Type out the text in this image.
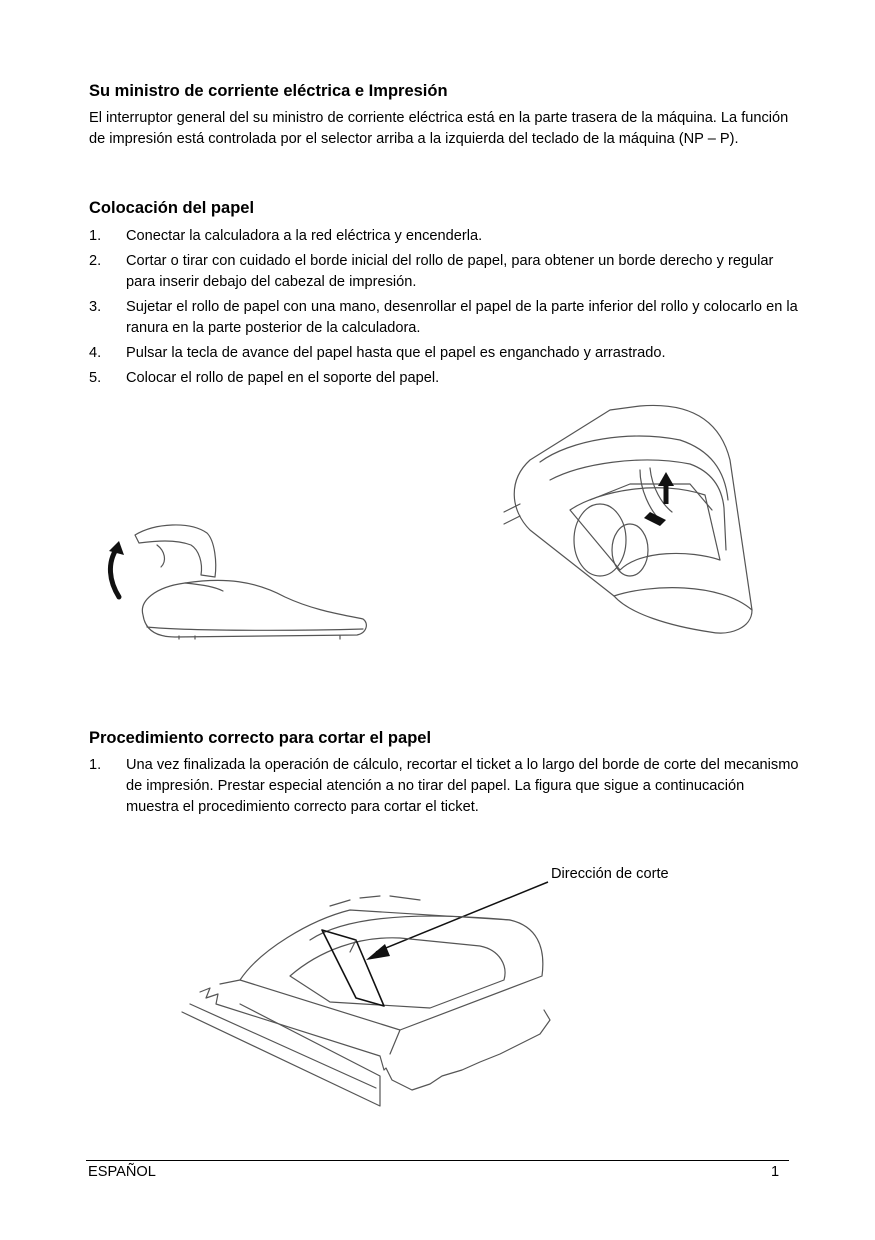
Su ministro de corriente eléctrica e Impresión

El interruptor general del su ministro de corriente eléctrica está en la parte trasera de la máquina. La función de impresión está controlada por el selector arriba a la izquierda del teclado de la máquina (NP – P).

Colocación del papel
1. Conectar la calculadora a la red eléctrica y encenderla.
2. Cortar o tirar con cuidado el borde inicial del rollo de papel, para obtener un borde derecho y regular para inserir debajo del cabezal de impresión.
3. Sujetar el rollo de papel con una mano, desenrollar el papel de la parte inferior del rollo y colocarlo en la ranura en la parte posterior de la calculadora.
4. Pulsar la tecla de avance del papel hasta que el papel es enganchado y arrastrado.
5. Colocar el rollo de papel en el soporte del papel.
Procedimiento correcto para cortar el papel
1. Una vez finalizada la operación de cálculo, recortar el ticket a lo largo del borde de corte del mecanismo de impresión. Prestar especial atención a no tirar del papel. La figura que sigue a continucación muestra el procedimiento correcto para cortar el ticket.
Dirección de corte
ESPAÑOL	1
